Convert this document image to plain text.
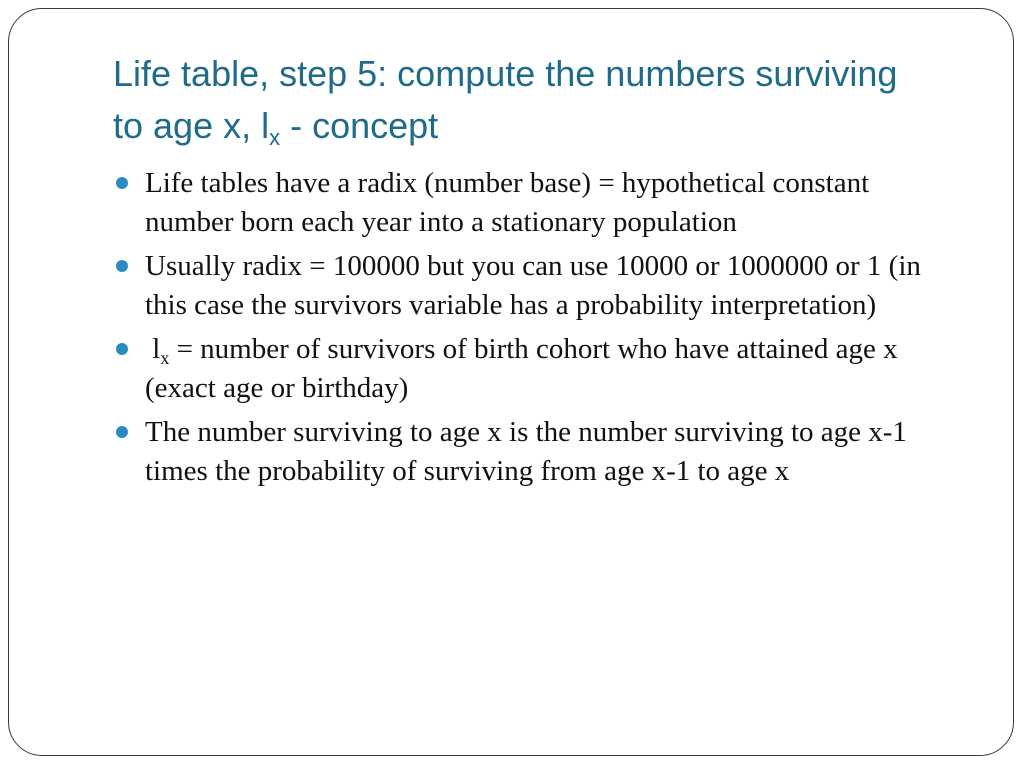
Life table, step 5: compute the numbers surviving to age x, $l_x$ - concept
Life tables have a radix (number base) = hypothetical constant number born each year into a stationary population
Usually radix = 100000 but you can use 10000 or 1000000 or 1 (in this case the survivors variable has a probability interpretation)
$l_x$ = number of survivors of birth cohort who have attained age x (exact age or birthday)
The number surviving to age x is the number surviving to age x-1 times the probability of surviving from age x-1 to age x
